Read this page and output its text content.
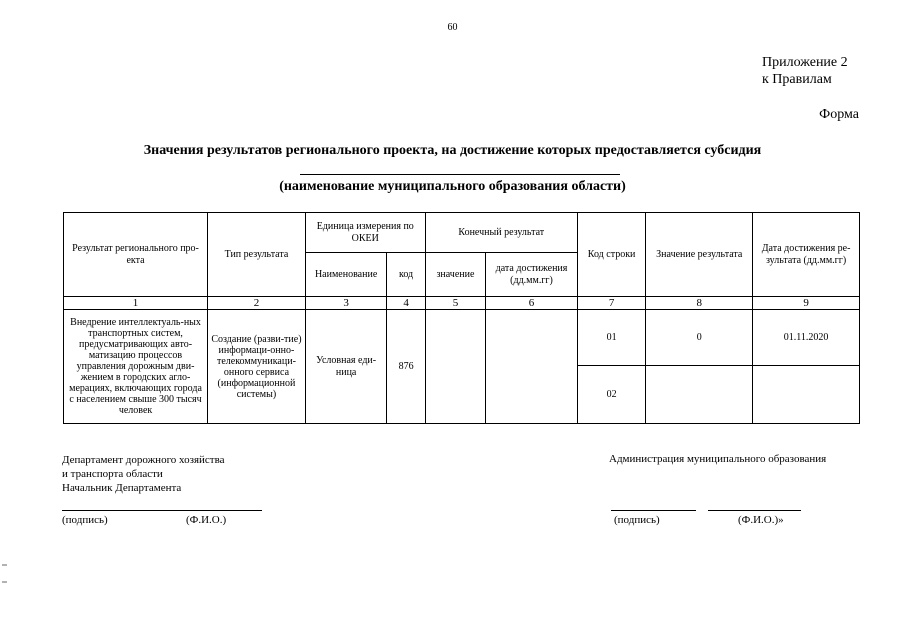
60
Приложение 2
к Правилам
Форма
Значения результатов регионального проекта, на достижение которых предоставляется субсидия
(наименование муниципального образования области)
Результат регионального про-екта	Тип результата	Единица измерения по ОКЕИ		Конечный результат		Код строки	Значение результата	Дата достижения ре-зультата (дд.мм.гг)
		Наименование	код	значение	дата достижения (дд.мм.гг)			
1	2	3	4	5	6	7	8	9
Внедрение интеллектуаль-ных транспортных систем, предусматривающих авто-матизацию процессов управления дорожным дви-жением в городских агло-мерациях, включающих города с населением свыше 300 тысяч человек	Создание (разви-тие) информаци-онно-телекоммуникаци-онного сервиса (информационной системы)	Условная еди-ница	876			01	0	01.11.2020
						02		
Департамент дорожного хозяйства
и транспорта области
Начальник Департамента
(подпись)	(Ф.И.О.)
Администрация муниципального образования
(подпись)	(Ф.И.О.)»
